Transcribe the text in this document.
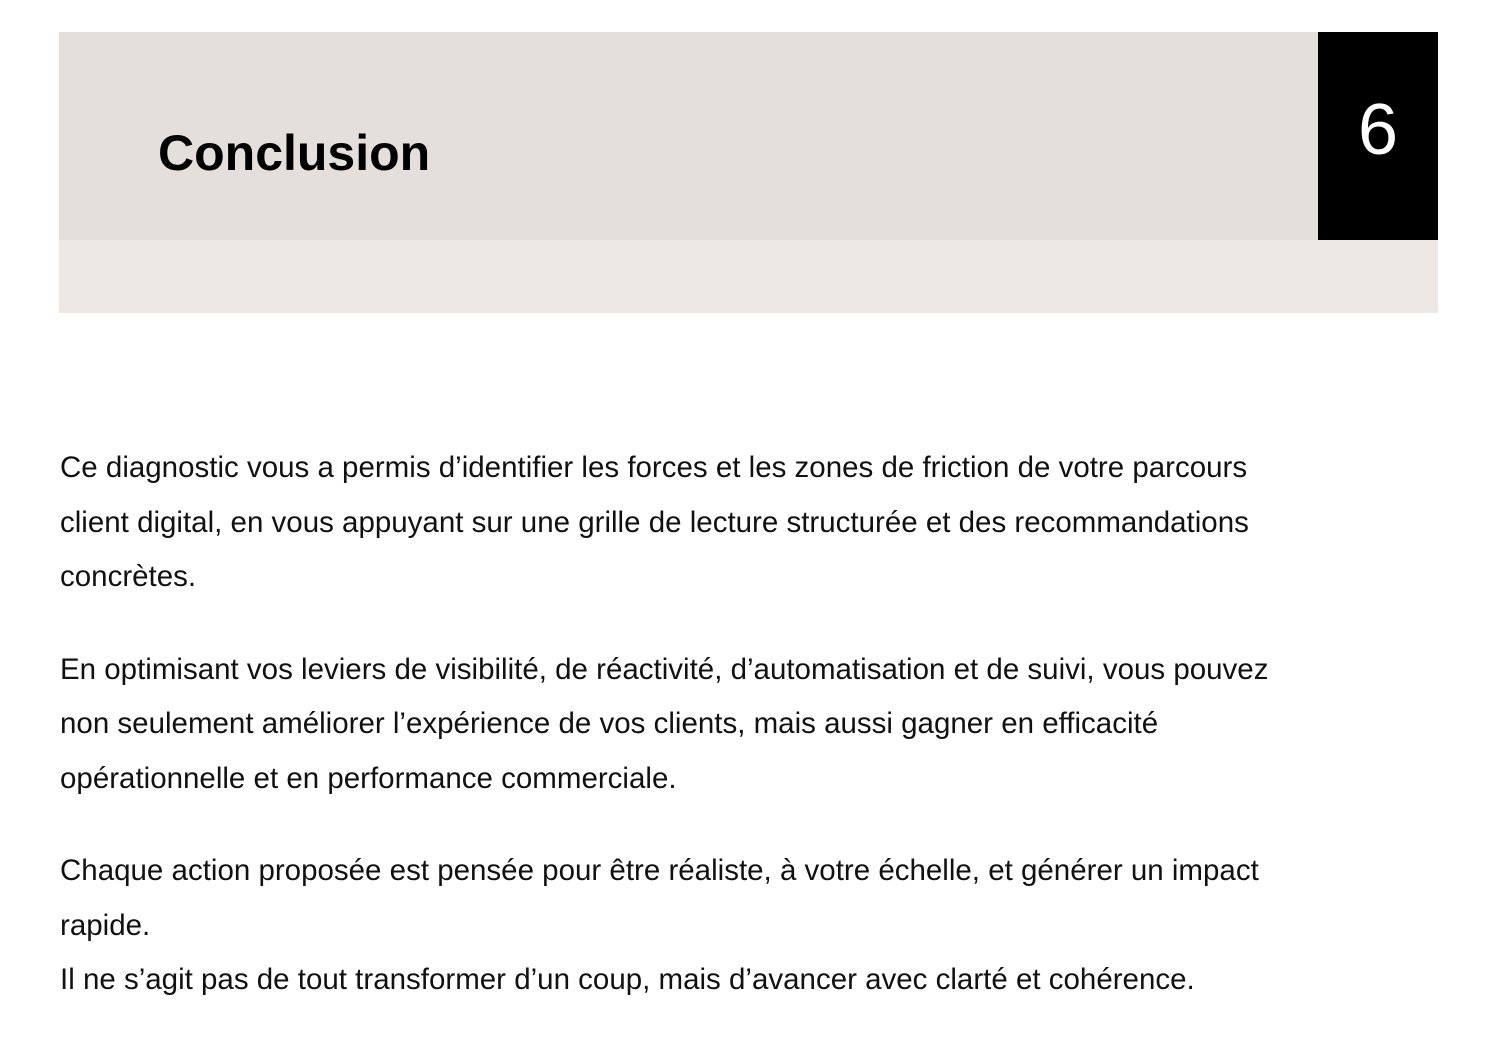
Conclusion	6

Ce diagnostic vous a permis d’identifier les forces et les zones de friction de votre parcours
client digital, en vous appuyant sur une grille de lecture structurée et des recommandations
concrètes.

En optimisant vos leviers de visibilité, de réactivité, d’automatisation et de suivi, vous pouvez
non seulement améliorer l’expérience de vos clients, mais aussi gagner en efficacité
opérationnelle et en performance commerciale.

Chaque action proposée est pensée pour être réaliste, à votre échelle, et générer un impact
rapide.
Il ne s’agit pas de tout transformer d’un coup, mais d’avancer avec clarté et cohérence.
